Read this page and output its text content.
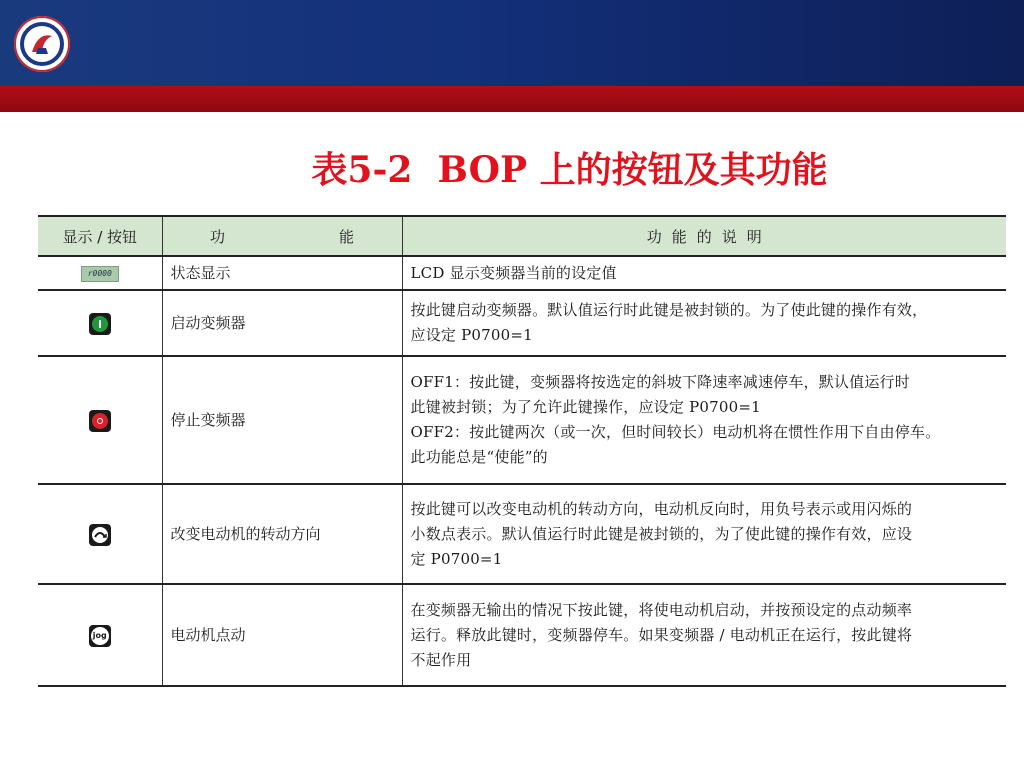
表5-2  BOP 上的按钮及其功能
显示 / 按钮	功　　能	功能的说明
r0000	状态显示	LCD 显示变频器当前的设定值

	启动变频器	按此键启动变频器。默认值运行时此键是被封锁的。为了使此键的操作有效，
应设定 P0700=1

	停止变频器	OFF1：按此键，变频器将按选定的斜坡下降速率减速停车，默认值运行时
此键被封锁；为了允许此键操作，应设定 P0700=1
OFF2：按此键两次（或一次，但时间较长）电动机将在惯性作用下自由停车。
此功能总是“使能”的

	改变电动机的转动方向	按此键可以改变电动机的转动方向，电动机反向时，用负号表示或用闪烁的
小数点表示。默认值运行时此键是被封锁的，为了使此键的操作有效，应设
定 P0700=1

jog	电动机点动	在变频器无输出的情况下按此键，将使电动机启动，并按预设定的点动频率
运行。释放此键时，变频器停车。如果变频器 / 电动机正在运行，按此键将
不起作用
